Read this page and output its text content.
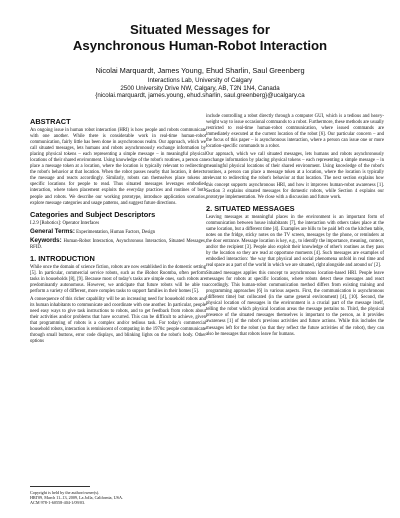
Situated Messages for
Asynchronous Human-Robot Interaction
Nicolai Marquardt, James Young, Ehud Sharlin, Saul Greenberg
Interactions Lab, University of Calgary
2500 University Drive NW, Calgary, AB, T2N 1N4, Canada
{nicolai.marquardt, james.young, ehud.sharlin, saul.greenberg}@ucalgary.ca
ABSTRACT

An ongoing issue in human robot interaction (HRI) is how people and robots communicate with one another. While there is considerable work in real-time human-robot communication, fairly little has been done in asynchronous realm. Our approach, which we call situated messages, lets humans and robots asynchronously exchange information by placing physical tokens – each representing a simple message – in meaningful physical locations of their shared environment. Using knowledge of the robot's routines, a person can place a message token at a location, where the location is typically relevant to redirecting the robot's behavior at that location. When the robot passes nearby that location, it detects the message and reacts accordingly. Similarly, robots can themselves place tokens at specific locations for people to read. Thus situated messages leverages embodied interaction, where token placement exploits the everyday practices and routines of both people and robots. We describe our working prototype, introduce application scenarios, explore message categories and usage patterns, and suggest future directions.

Categories and Subject Descriptors

I.2.9 [Robotics]: Operator Interfaces

General Terms: Experimentation, Human Factors, Design

Keywords: Human-Robot Interaction, Asynchronous Interaction, Situated Messages, RFID.

1. INTRODUCTION

While once the domain of science fiction, robots are now established in the domestic setting [5]. In particular, commercial service robots, such as the iRobot Roomba, often perform tasks in households [8], [9]. Because most of today's tasks are simple ones, such robots are predominantly autonomous. However, we anticipate that future robots will be able to perform a variety of different, more complex tasks to support families in their homes [5].

A consequence of this richer capability will be an increasing need for household robots and its human inhabitants to communicate and coordinate with one another. In particular, people need easy ways to give task instructions to robots, and to get feedback from robots about their activities and/or problems that have occurred. This can be difficult to achieve, given that programming of robots is a complex and/or tedious task. For today's commercial household robots, interaction is reminiscent of computing in the 1970s: people communicate through small buttons, error code displays, and blinking lights on the robot's body. Other options

Copyright is held by the author/owner(s).
HRI'09, March 11–13, 2009, La Jolla, California, USA.
ACM 978-1-60558-404-1/09/03.

include controlling a robot directly through a computer GUI, which is a tedious and heavy-weight way to issue occasional commands to a robot. Furthermore, these methods are usually restricted to real-time human-robot communication, where issued commands are immediately executed at the current location of the robot [6]. Our particular concern – and the focus of this paper – is asynchronous interaction, where a person can issue one or more location-specific commands to a robot.

Our approach, which we call situated messages, lets humans and robots asynchronously exchange information by placing physical tokens – each representing a simple message – in meaningful physical locations of their shared environment. Using knowledge of the robot's routines, a person can place a message token at a location, where the location is typically relevant to redirecting the robot's behavior at that location. The next section explains how this concept supports asynchronous HRI, and how it improves human-robot awareness [1]. Section 3 explains situated messages for domestic robots, while Section 4 explains our prototype implementation. We close with a discussion and future work.

2. SITUATED MESSAGES

Leaving messages at meaningful places in the environment is an important form of communication between house inhabitants [7], the interaction with others takes place at the same location, but a different time [4]. Examples are bills to be paid left on the kitchen table, notes on the fridge, sticky notes on the TV screen, messages by the phone, or reminders at the door entrance. Message location is key, e.g., to identify the importance, meaning, context, and/or the recipient [3]. People also exploit their knowledge of other's routines as they pass by the location so they are read at opportune moments [4]. Such messages are examples of embodied interaction: 'the way that physical and social phenomena unfold in real time and real space as a part of the world in which we are situated, right alongside and around us' [2].

Situated messages applies this concept to asynchronous location-based HRI. People leave messages for robots at specific locations, where robots detect these messages and react accordingly. This human-robot communication method differs from existing training and programming approaches [6] in various aspects. First, the communication is asynchronous (different time) but collocated (in the same general environment) [4], [10]. Second, the physical location of messages in the environment is a crucial part of the message itself, telling the robot which physical location areas the message pertains to. Third, the physical presence of the situated messages themselves is important to the person, as it provides awareness [1] of the robot's previous activities and future actions. While this includes the messages left for the robot (so that they reflect the future activities of the robot), they can also be messages that robots leave for humans.
